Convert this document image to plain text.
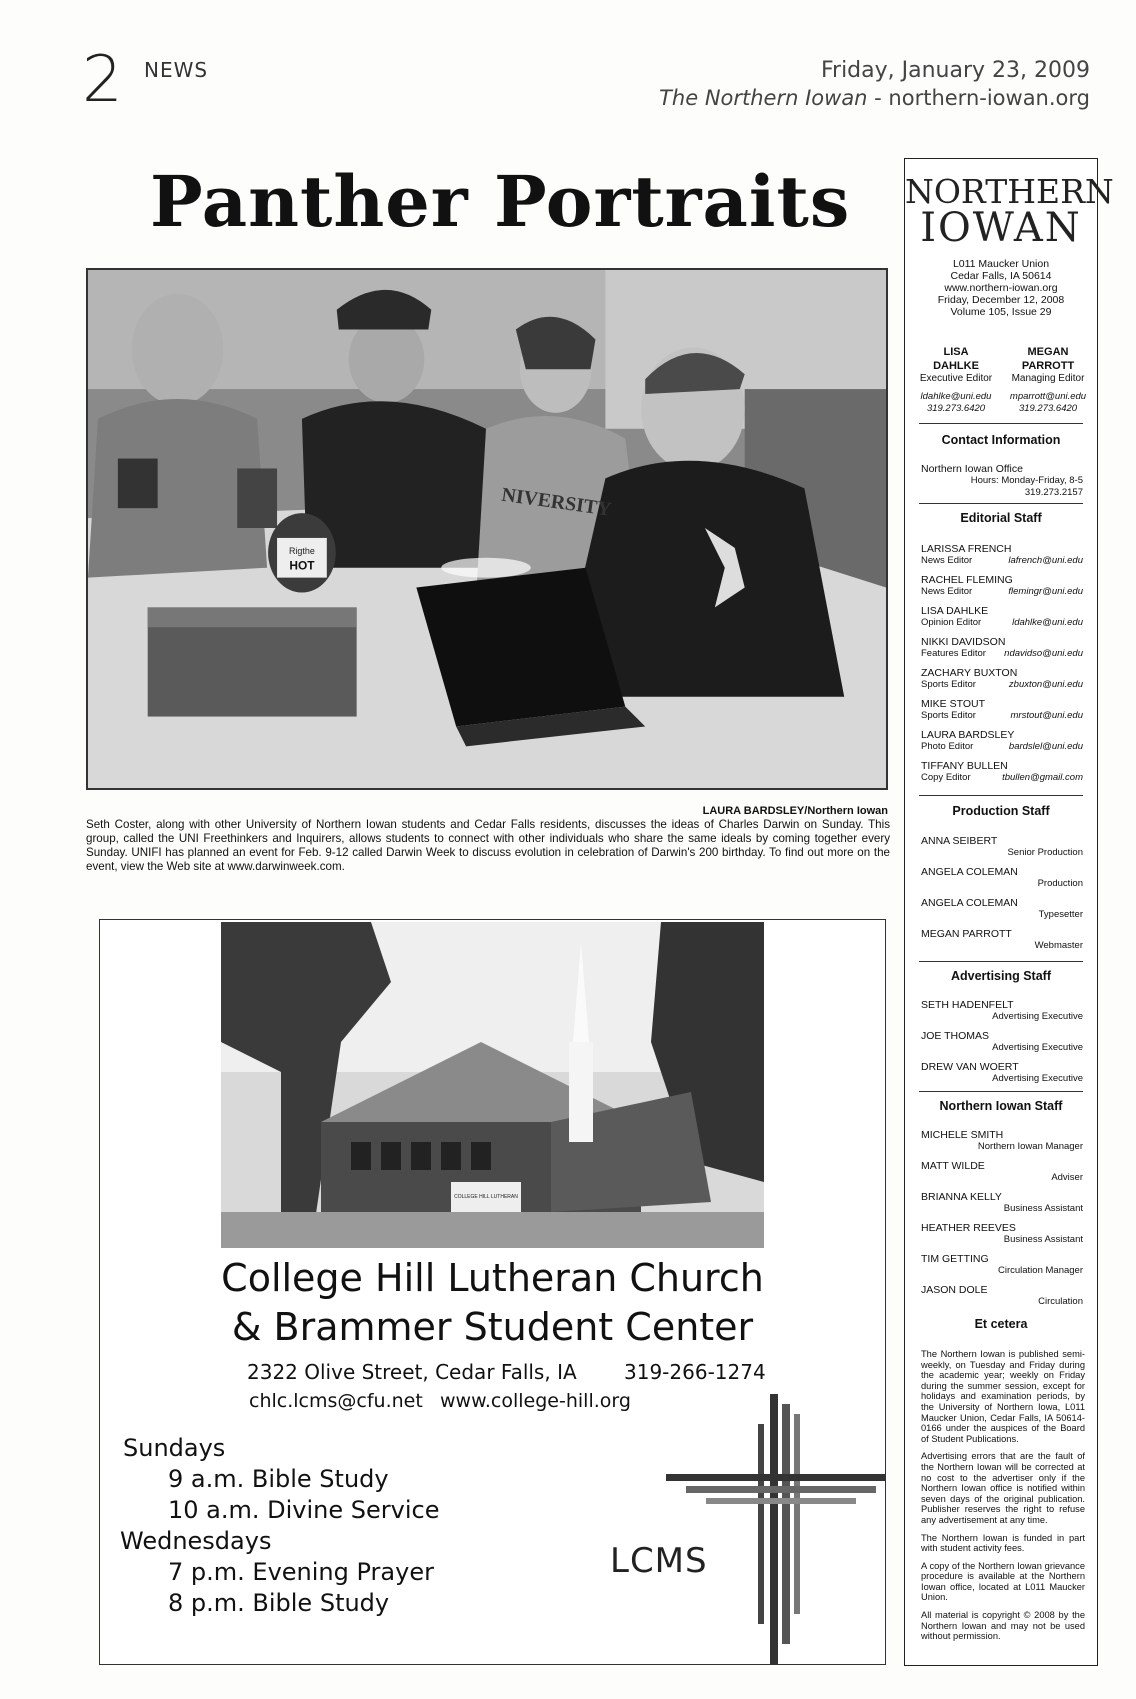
2 NEWS	Friday, January 23, 2009
The Northern Iowan - northern-iowan.org
Panther Portraits
Rigthe
HOT
NIVERSITY
LAURA BARDSLEY/Northern Iowan

Seth Coster, along with other University of Northern Iowan students and Cedar Falls residents, discusses the ideas of Charles Darwin on Sunday. This group, called the UNI Freethinkers and Inquirers, allows students to connect with other individuals who share the same ideals by coming together every Sunday. UNIFI has planned an event for Feb. 9-12 called Darwin Week to discuss evolution in celebration of Darwin's 200 birthday. To find out more on the event, view the Web site at www.darwinweek.com.

COLLEGE HILL LUTHERAN
College Hill Lutheran Church
& Brammer Student Center
2322 Olive Street, Cedar Falls, IA 319-266-1274
chlc.lcms@cfu.net www.college-hill.org
Sundays
9 a.m. Bible Study
10 a.m. Divine Service
Wednesdays
7 p.m. Evening Prayer
8 p.m. Bible Study
LCMS
NORTHERN
IOWAN
L011 Maucker Union
Cedar Falls, IA 50614
www.northern-iowan.org
Friday, December 12, 2008
Volume 105, Issue 29
LISA
DAHLKE
Executive Editor
ldahlke@uni.edu
319.273.6420
MEGAN
PARROTT
Managing Editor
mparrott@uni.edu
319.273.6420
Contact Information
Northern Iowan Office
Hours: Monday-Friday, 8-5
319.273.2157
Editorial Staff
LARISSA FRENCH
News Editor	lafrench@uni.edu
RACHEL FLEMING
News Editor	flemingr@uni.edu
LISA DAHLKE
Opinion Editor	ldahlke@uni.edu
NIKKI DAVIDSON
Features Editor ndavidso@uni.edu
ZACHARY BUXTON
Sports Editor	zbuxton@uni.edu
MIKE STOUT
Sports Editor	mrstout@uni.edu
LAURA BARDSLEY
Photo Editor	bardslel@uni.edu
TIFFANY BULLEN
Copy Editor	tbullen@gmail.com
Production Staff
ANNA SEIBERT
Senior Production
ANGELA COLEMAN
Production
ANGELA COLEMAN
Typesetter
MEGAN PARROTT
Webmaster
Advertising Staff
SETH HADENFELT
Advertising Executive
JOE THOMAS
Advertising Executive
DREW VAN WOERT
Advertising Executive
Northern Iowan Staff
MICHELE SMITH
Northern Iowan Manager
MATT WILDE
Adviser
BRIANNA KELLY
Business Assistant
HEATHER REEVES
Business Assistant
TIM GETTING
Circulation Manager
JASON DOLE
Circulation
Et cetera

The Northern Iowan is published semi-weekly, on Tuesday and Friday during the academic year; weekly on Friday during the summer session, except for holidays and examination periods, by the University of Northern Iowa, L011 Maucker Union, Cedar Falls, IA 50614-0166 under the auspices of the Board of Student Publications.

Advertising errors that are the fault of the Northern Iowan will be corrected at no cost to the advertiser only if the Northern Iowan office is notified within seven days of the original publication. Publisher reserves the right to refuse any advertisement at any time.

The Northern Iowan is funded in part with student activity fees.

A copy of the Northern Iowan grievance procedure is available at the Northern Iowan office, located at L011 Maucker Union.

All material is copyright © 2008 by the Northern Iowan and may not be used without permission.
